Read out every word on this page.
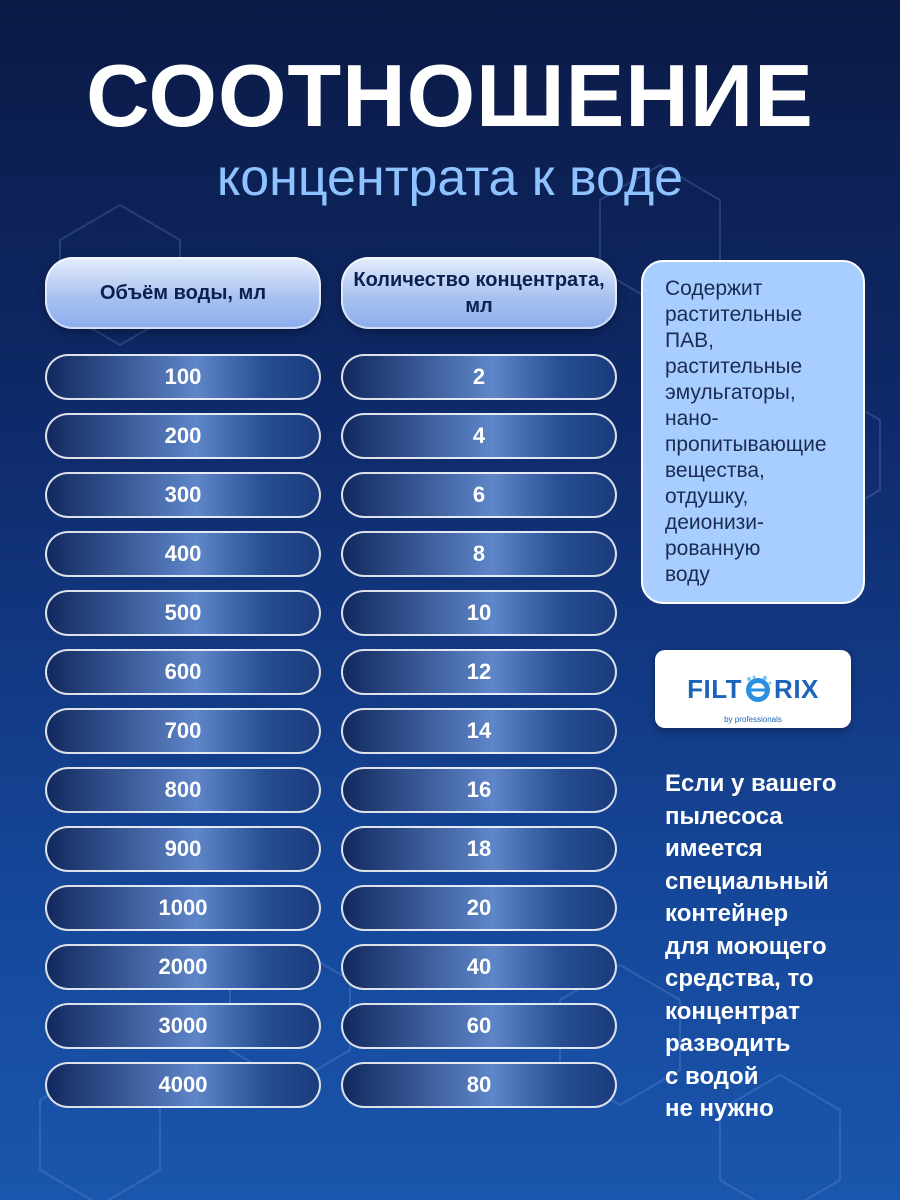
СООТНОШЕНИЕ
концентрата к воде
Объём воды, мл
Количество концентрата, мл
100	2
200	4
300	6
400	8
500	10
600	12
700	14
800	16
900	18
1000	20
2000	40
3000	60
4000	80
Содержит
растительные
ПАВ,
растительные
эмульгаторы,
нано-
пропитывающие
вещества,
отдушку,
деионизи-
рованную
воду
FILT RIX
by professionals
Если у вашего
пылесоса
имеется
специальный
контейнер
для моющего
средства, то
концентрат
разводить
с водой
не нужно
